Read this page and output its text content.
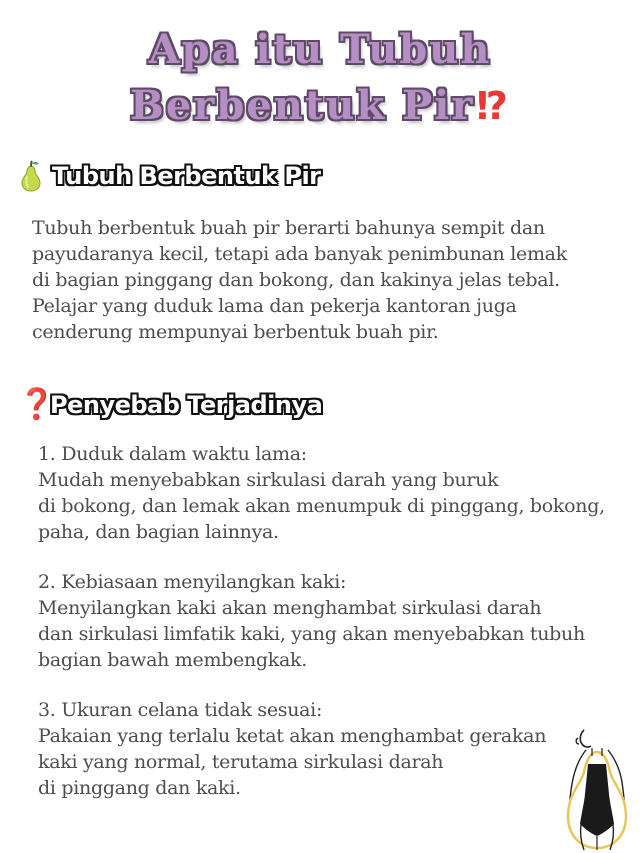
Apa itu Tubuh
Berbentuk Pir⁉
Tubuh Berbentuk Pir
Tubuh berbentuk buah pir berarti bahunya sempit dan
payudaranya kecil, tetapi ada banyak penimbunan lemak
di bagian pinggang dan bokong, dan kakinya jelas tebal.
Pelajar yang duduk lama dan pekerja kantoran juga
cenderung mempunyai berbentuk buah pir.
❓
Penyebab Terjadinya
1. Duduk dalam waktu lama:
Mudah menyebabkan sirkulasi darah yang buruk
di bokong, dan lemak akan menumpuk di pinggang, bokong,
paha, dan bagian lainnya.
2. Kebiasaan menyilangkan kaki:
Menyilangkan kaki akan menghambat sirkulasi darah
dan sirkulasi limfatik kaki, yang akan menyebabkan tubuh
bagian bawah membengkak.
3. Ukuran celana tidak sesuai:
Pakaian yang terlalu ketat akan menghambat gerakan
kaki yang normal, terutama sirkulasi darah
di pinggang dan kaki.
